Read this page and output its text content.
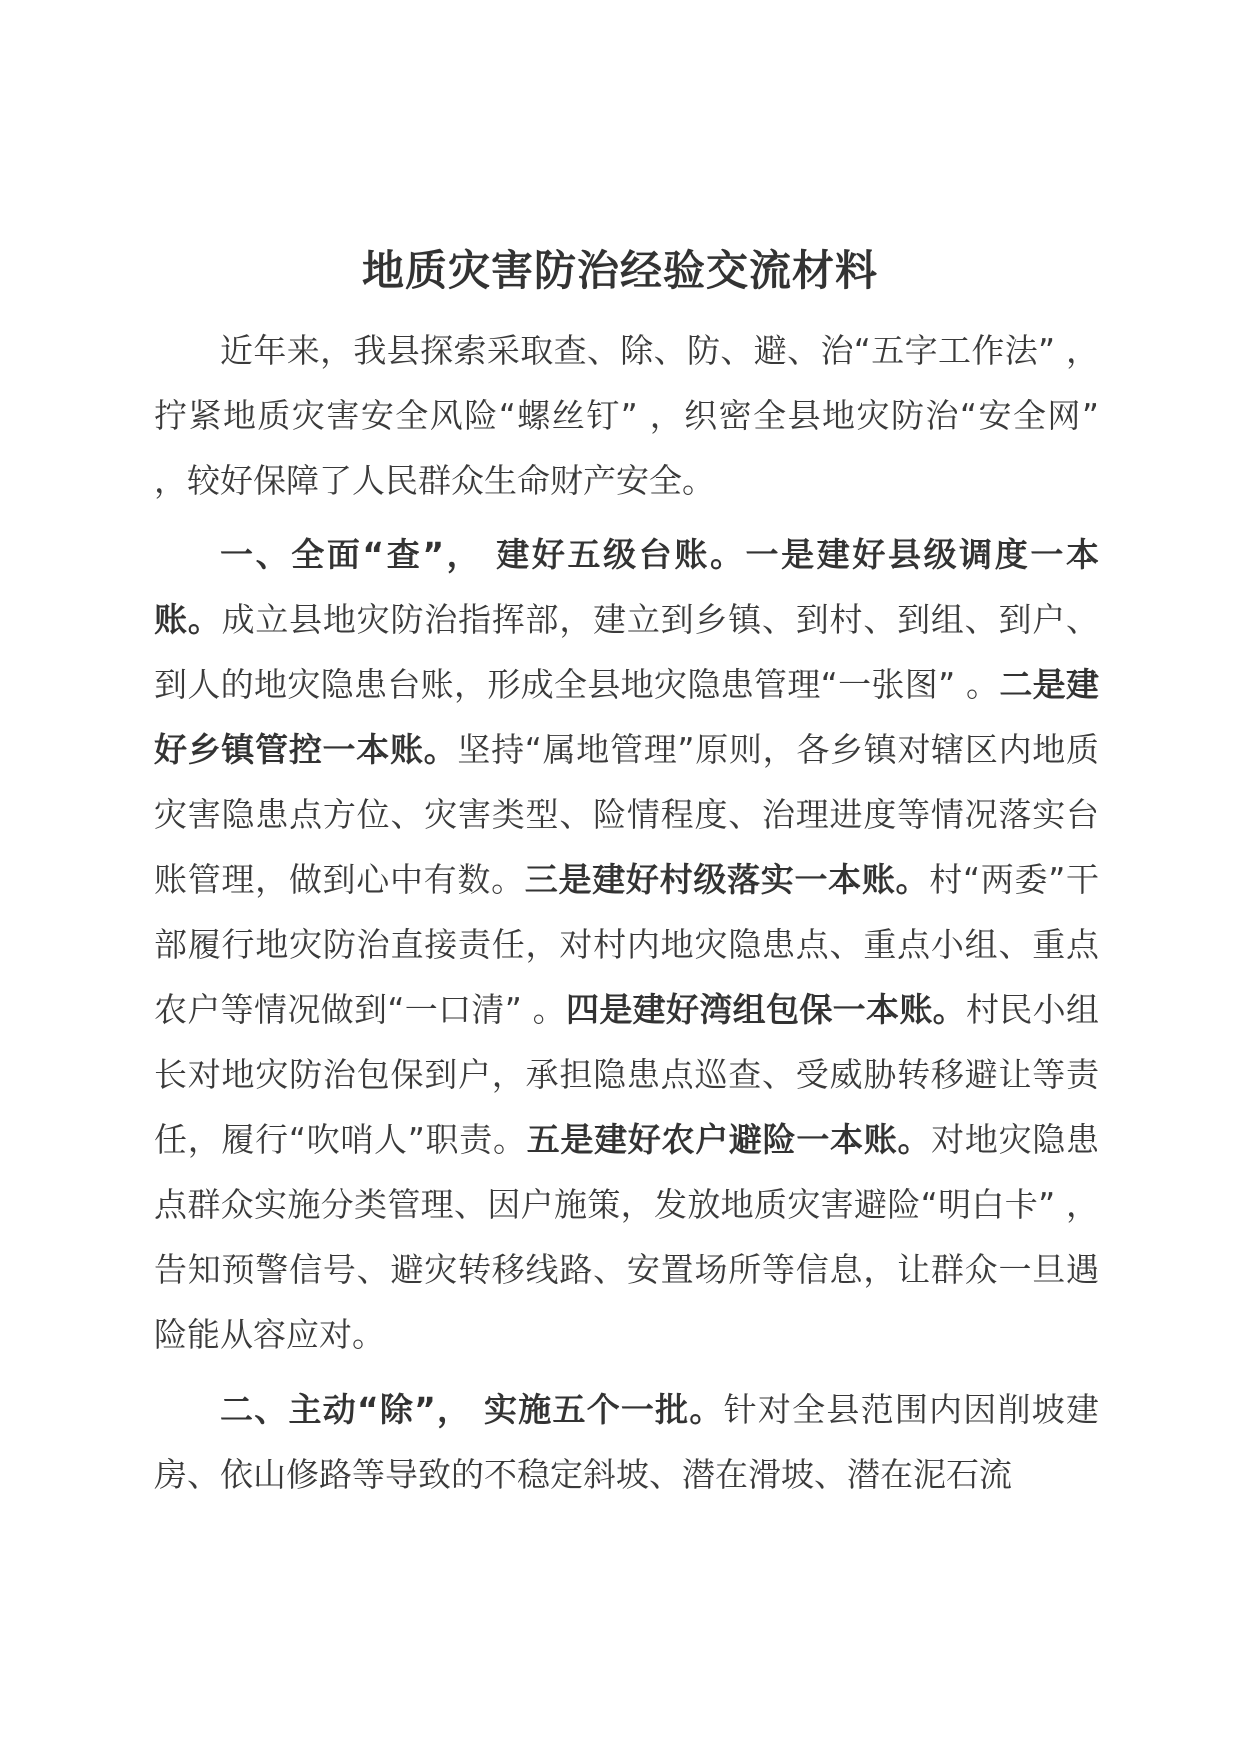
地质灾害防治经验交流材料

近年来，我县探索采取查、除、防、避、治“五字工作法” ，拧紧地质灾害安全风险“螺丝钉” ，织密全县地灾防治“安全网” ，较好保障了人民群众生命财产安全。

一、全面“查”， 建好五级台账。一是建好县级调度一本账。成立县地灾防治指挥部，建立到乡镇、到村、到组、到户、到人的地灾隐患台账，形成全县地灾隐患管理“一张图” 。二是建好乡镇管控一本账。坚持“属地管理”原则，各乡镇对辖区内地质灾害隐患点方位、灾害类型、险情程度、治理进度等情况落实台账管理，做到心中有数。三是建好村级落实一本账。村“两委”干部履行地灾防治直接责任，对村内地灾隐患点、重点小组、重点农户等情况做到“一口清” 。四是建好湾组包保一本账。村民小组长对地灾防治包保到户，承担隐患点巡查、受威胁转移避让等责任，履行“吹哨人”职责。五是建好农户避险一本账。对地灾隐患点群众实施分类管理、因户施策，发放地质灾害避险“明白卡” ，告知预警信号、避灾转移线路、安置场所等信息，让群众一旦遇险能从容应对。

二、主动“除”， 实施五个一批。针对全县范围内因削坡建房、依山修路等导致的不稳定斜坡、潜在滑坡、潜在泥石流
